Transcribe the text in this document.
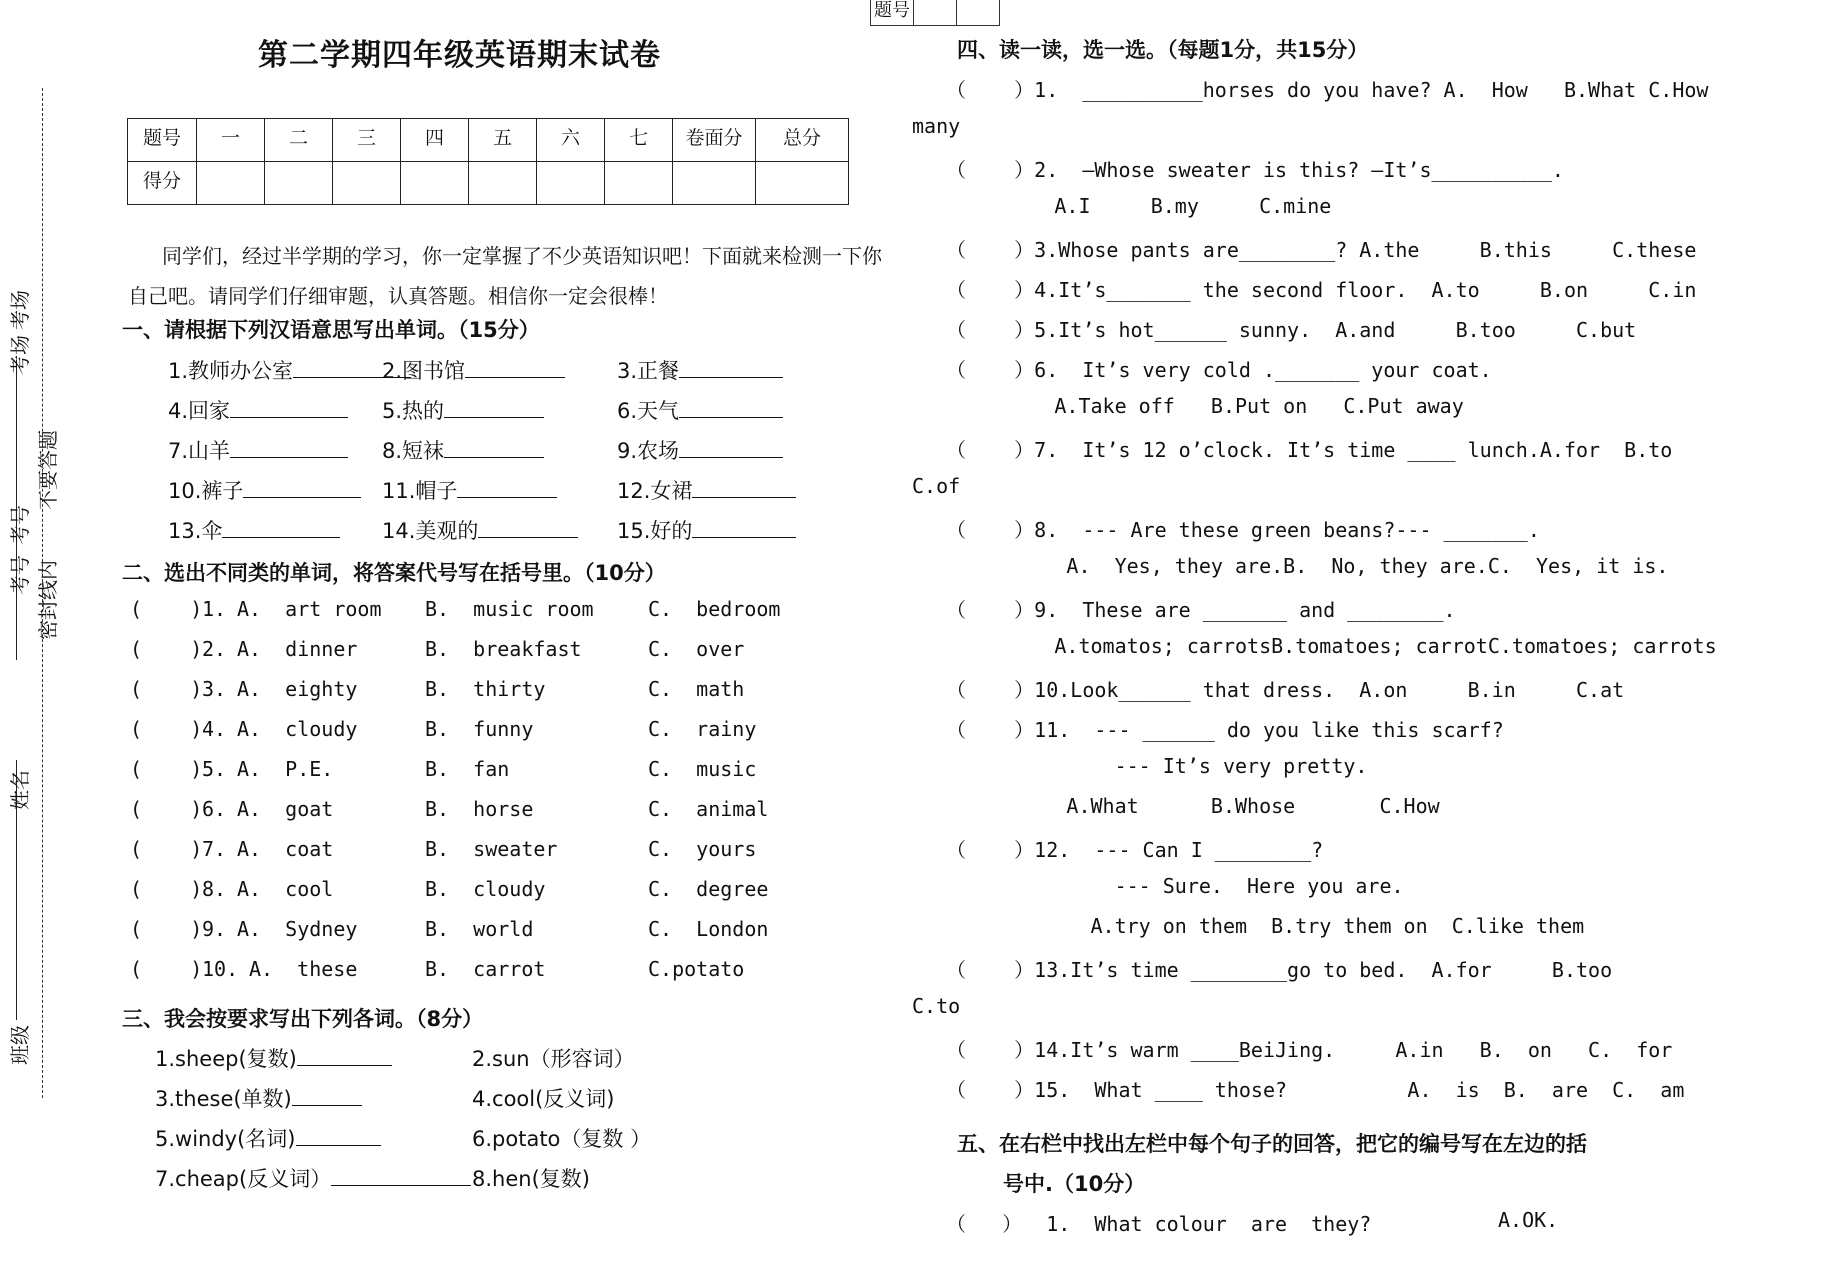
考场
考场
不要答题
考号
考号 密封线内
姓名
班级
题号		
第二学期四年级英语期末试卷
题号	一	二	三	四	五	六	七	卷面分	总分
得分									
同学们，经过半学期的学习，你一定掌握了不少英语知识吧！下面就来检测一下你
自己吧。请同学们仔细审题，认真答题。相信你一定会很棒！
一、请根据下列汉语意思写出单词。（15分）
1.教师办公室	2.图书馆	3.正餐
4.回家	5.热的	6.天气
7.山羊	8.短袜	9.农场
10.裤子	11.帽子	12.女裙
13.伞	14.美观的	15.好的
二、选出不同类的单词，将答案代号写在括号里。（10分）
(    ) 1. A.  art room B.  music room	C.  bedroom
(    ) 2. A.  dinner	B.  breakfast	C.  over
(    ) 3. A.  eighty	B.  thirty	C.  math
(    ) 4. A.  cloudy	B.  funny	C.  rainy
(    ) 5. A.  P.E.	B.  fan	C.  music
(    ) 6. A.  goat	B.  horse	C.  animal
(    ) 7. A.  coat	B.  sweater	C.  yours
(    ) 8. A.  cool	B.  cloudy	C.  degree
(    ) 9. A.  Sydney	B.  world	C.  London
(    ) 10. A.  these	B.  carrot	C.potato
三、我会按要求写出下列各词。（8分）
1.sheep(复数)	2.sun（形容词）
3.these(单数)	4.cool(反义词)
5.windy(名词)	6.potato（复数 ）
7.cheap(反义词）	8.hen(复数)
四、读一读，选一选。（每题1分，共15分）
（    ）1.  __________horses do you have? A.  How   B.What C.How
many
（    ）2.  —Whose sweater is this? —It’s__________.
A.I     B.my     C.mine
（    ）3.Whose pants are________? A.the     B.this     C.these
（    ）4.It’s_______ the second floor.  A.to     B.on     C.in
（    ）5.It’s hot______ sunny.  A.and     B.too     C.but
（    ）6.  It’s very cold ._______ your coat.
A.Take off   B.Put on   C.Put away
（    ）7.  It’s 12 o’clock. It’s time ____ lunch.A.for  B.to
C.of
（    ）8.  --- Are these green beans?--- _______.
A.  Yes, they are.B.  No, they are.C.  Yes, it is.
（    ）9.  These are _______ and ________.
A.tomatos; carrotsB.tomatoes; carrotC.tomatoes; carrots
（    ）10.Look______ that dress.  A.on     B.in     C.at
（    ）11.  --- ______ do you like this scarf?
--- It’s very pretty.
A.What      B.Whose       C.How
（    ）12.  --- Can I ________?
--- Sure.  Here you are.
A.try on them  B.try them on  C.like them
（    ）13.It’s time ________go to bed.  A.for     B.too
C.to
（    ）14.It’s warm ____BeiJing.     A.in   B.  on   C.  for
（    ）15.  What ____ those?          A.  is  B.  are  C.  am
五、在右栏中找出左栏中每个句子的回答，把它的编号写在左边的括
号中.（10分）
（   ）  1.  What colour  are  they?	A.OK.
